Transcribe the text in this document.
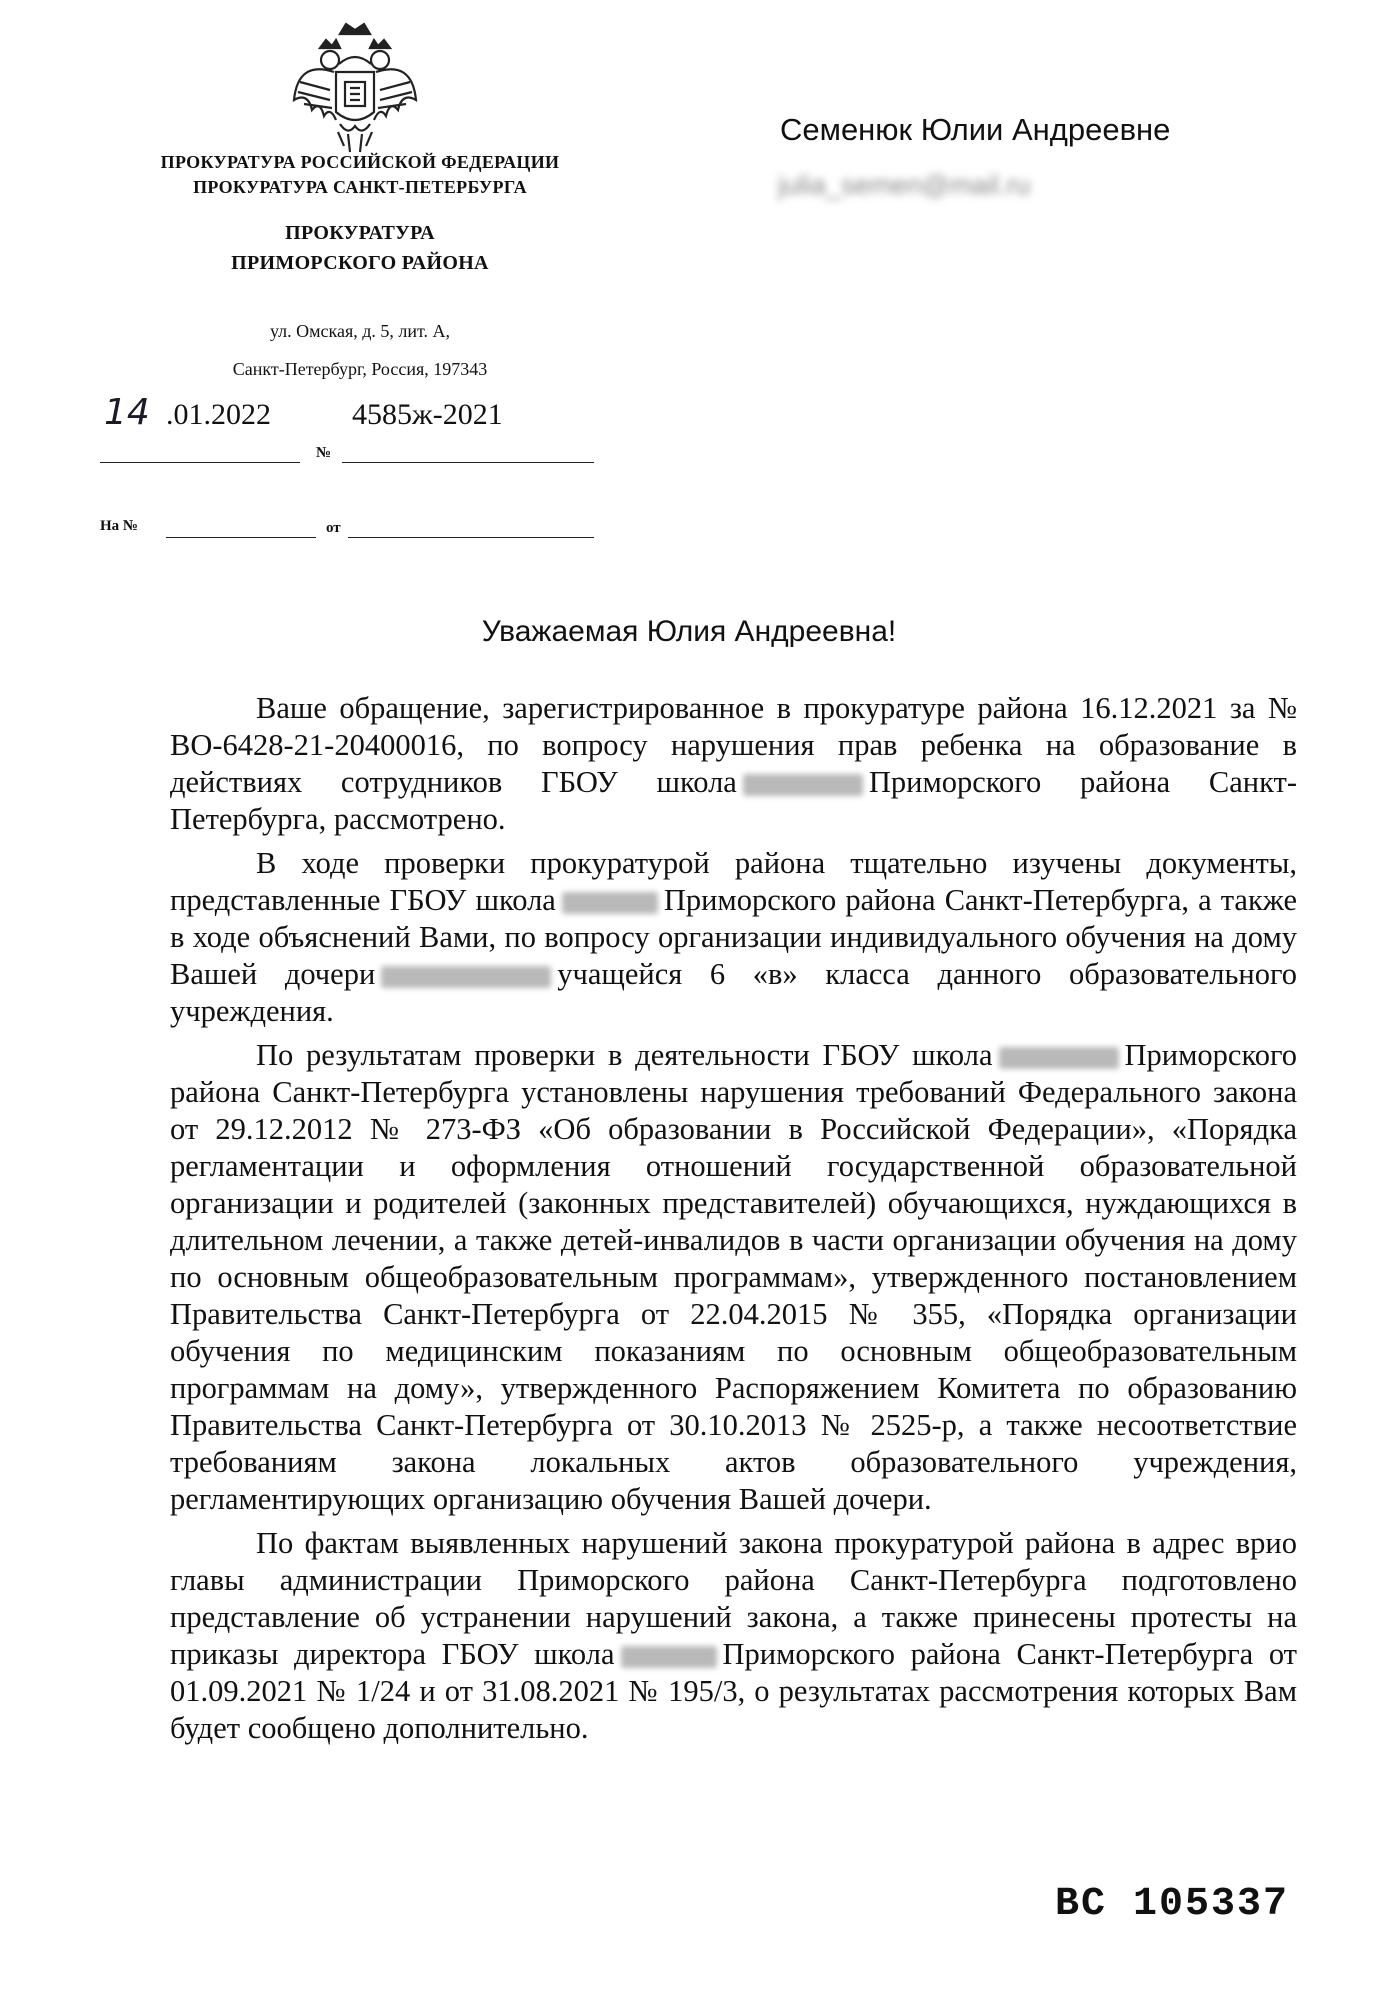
ПРОКУРАТУРА РОССИЙСКОЙ ФЕДЕРАЦИИ
ПРОКУРАТУРА САНКТ-ПЕТЕРБУРГА
ПРОКУРАТУРА
ПРИМОРСКОГО РАЙОНА
ул. Омская, д. 5, лит. А,
Санкт-Петербург, Россия, 197343
14 .01.2022	4585ж-2021
№
На №	от
Семенюк Юлии Андреевне
julia_semen@mail.ru
Уважаемая Юлия Андреевна!

Ваше обращение, зарегистрированное в прокуратуре района 16.12.2021 за № ВО-6428-21-20400016, по вопросу нарушения прав ребенка на образование в действиях сотрудников ГБОУ школа	Приморского района Санкт-Петербурга, рассмотрено.

В ходе проверки прокуратурой района тщательно изучены документы, представленные ГБОУ школа	Приморского района Санкт-Петербурга, а также в ходе объяснений Вами, по вопросу организации индивидуального обучения на дому Вашей дочери	учащейся 6 «в» класса данного образовательного учреждения.

По результатам проверки в деятельности ГБОУ школа	Приморского района Санкт-Петербурга установлены нарушения требований Федерального закона от 29.12.2012 № 273-ФЗ «Об образовании в Российской Федерации», «Порядка регламентации и оформления отношений государственной образовательной организации и родителей (законных представителей) обучающихся, нуждающихся в длительном лечении, а также детей-инвалидов в части организации обучения на дому по основным общеобразовательным программам», утвержденного постановлением Правительства Санкт-Петербурга от 22.04.2015 № 355, «Порядка организации обучения по медицинским показаниям по основным общеобразовательным программам на дому», утвержденного Распоряжением Комитета по образованию Правительства Санкт-Петербурга от 30.10.2013 № 2525-р, а также несоответствие требованиям закона локальных актов образовательного учреждения, регламентирующих организацию обучения Вашей дочери.

По фактам выявленных нарушений закона прокуратурой района в адрес врио главы администрации Приморского района Санкт-Петербурга подготовлено представление об устранении нарушений закона, а также принесены протесты на приказы директора ГБОУ школа	Приморского района Санкт-Петербурга от 01.09.2021 № 1/24 и от 31.08.2021 № 195/3, о результатах рассмотрения которых Вам будет сообщено дополнительно.

ВС 105337
